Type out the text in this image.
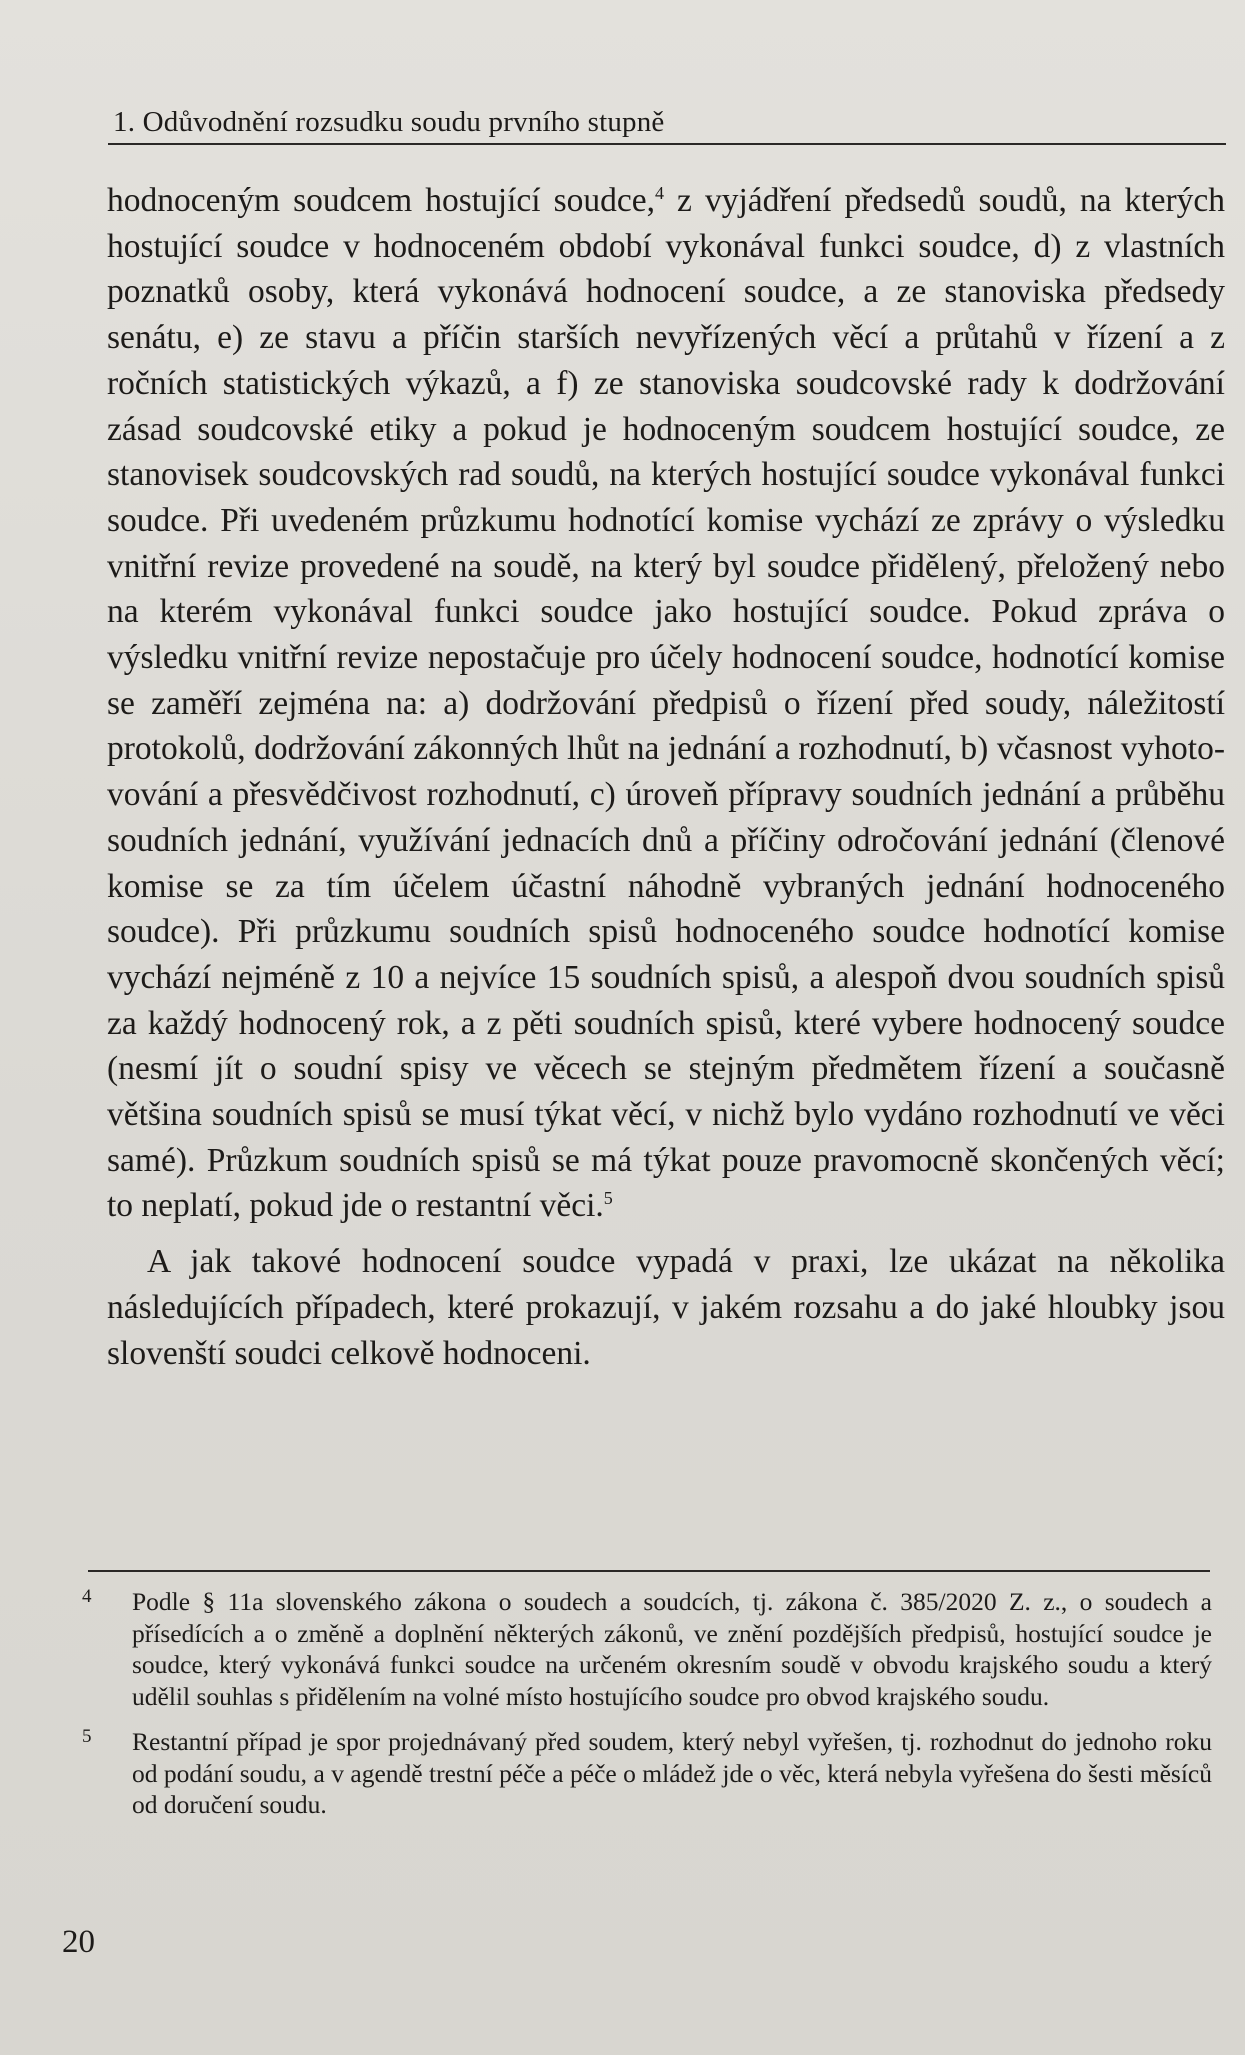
1. Odůvodnění rozsudku soudu prvního stupně

hodnoceným soudcem hostující soudce,$^4$ z vyjádření předsedů soudů, na kterých hostující soudce v hodnoceném období vykonával funkci soudce, d) z vlastních poznatků osoby, která vykonává hodnocení soudce, a ze stanoviska předsedy senátu, e) ze stavu a příčin starších nevyřízených věcí a průtahů v řízení a z ročních statistických výkazů, a f) ze stanoviska soudcovské rady k dodržování zásad soudcovské etiky a pokud je hodnoceným soudcem hostující soudce, ze stanovisek soudcovských rad soudů, na kterých hostující soudce vykonával funkci soudce. Při uvedeném průzkumu hodnotící komise vychází ze zprávy o výsledku vnitřní revize provedené na soudě, na který byl soudce přidělený, přeložený nebo na kterém vykonával funkci soudce jako hostující soudce. Pokud zpráva o výsledku vnitřní revize nepostačuje pro účely hodnocení soudce, hodnotící komise se zaměří zejména na: a) dodržování předpisů o řízení před soudy, náležitostí protokolů, dodržování zákonných lhůt na jednání a rozhodnutí, b) včasnost vyhotovování a přesvědčivost rozhodnutí, c) úroveň přípravy soudních jednání a průběhu soudních jednání, využívání jednacích dnů a příčiny odročování jednání (členové komise se za tím účelem účastní náhodně vybraných jednání hodnoceného soudce). Při průzkumu soudních spisů hodnoceného soudce hodnotící komise vychází nejméně z 10 a nejvíce 15 soudních spisů, a alespoň dvou soudních spisů za každý hodnocený rok, a z pěti soudních spisů, které vybere hodnocený soudce (nesmí jít o soudní spisy ve věcech se stejným předmětem řízení a současně většina soudních spisů se musí týkat věcí, v nichž bylo vydáno rozhodnutí ve věci samé). Průzkum soudních spisů se má týkat pouze pravomocně skončených věcí; to neplatí, pokud jde o restantní věci.$^5$

A jak takové hodnocení soudce vypadá v praxi, lze ukázat na několika následujících případech, které prokazují, v jakém rozsahu a do jaké hloubky jsou slovenští soudci celkově hodnoceni.

4 Podle § 11a slovenského zákona o soudech a soudcích, tj. zákona č. 385/2020 Z. z., o soudech a přísedících a o změně a doplnění některých zákonů, ve znění pozdějších předpisů, hostující soudce je soudce, který vykonává funkci soudce na určeném okresním soudě v obvodu krajského soudu a který udělil souhlas s přidělením na volné místo hostujícího soudce pro obvod krajského soudu.
5 Restantní případ je spor projednávaný před soudem, který nebyl vyřešen, tj. rozhodnut do jednoho roku od podání soudu, a v agendě trestní péče a péče o mládež jde o věc, která nebyla vyřešena do šesti měsíců od doručení soudu.
20
